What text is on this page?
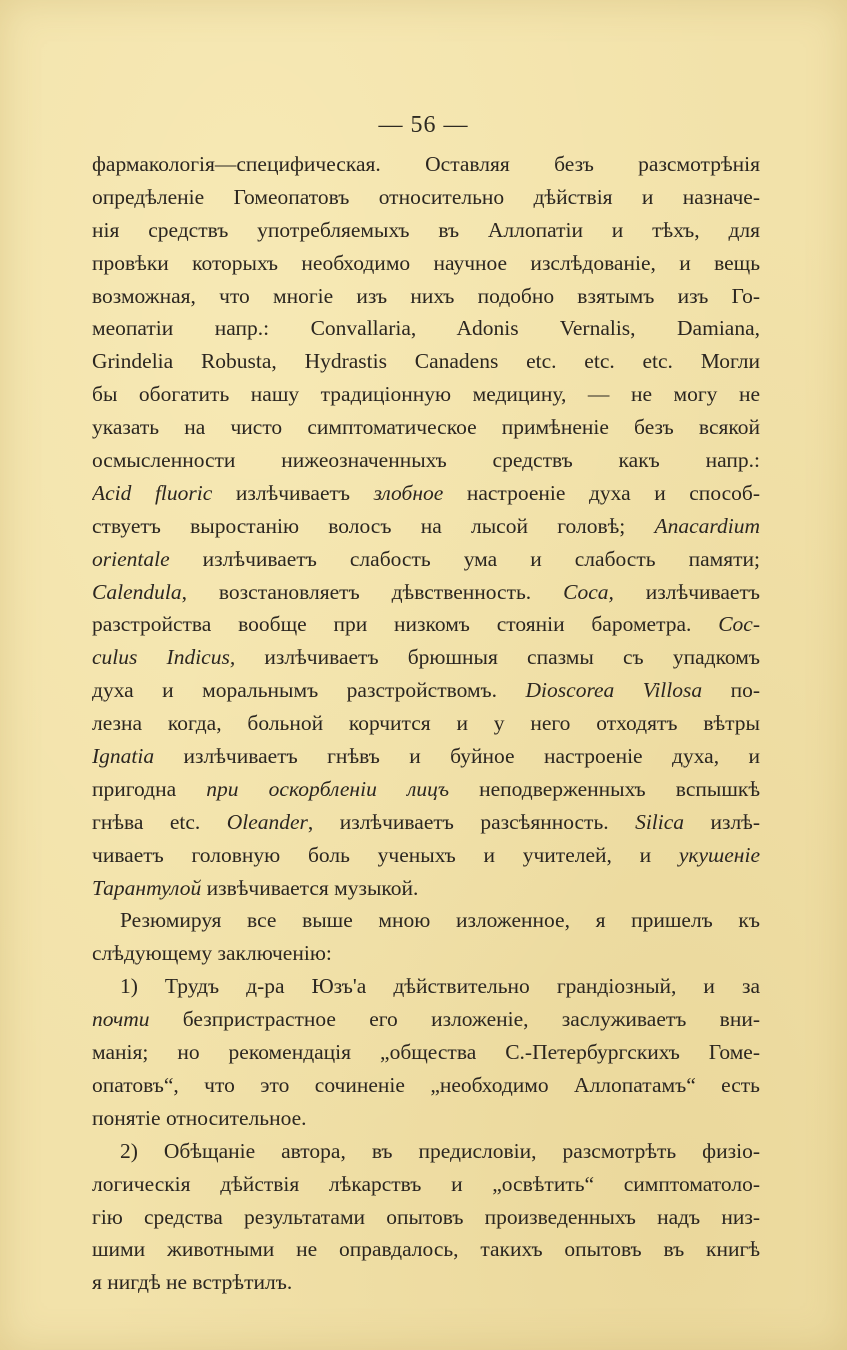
— 56 —
фармакологія—специфическая. Оставляя безъ разсмотрѣнія
опредѣленіе Гомеопатовъ относительно дѣйствія и назначе-
нія средствъ употребляемыхъ въ Аллопатіи и тѣхъ, для
провѣки которыхъ необходимо научное изслѣдованіе, и вещь
возможная, что многіе изъ нихъ подобно взятымъ изъ Го-
меопатіи напр.: Convallaria, Adonis Vernalis, Damiana,
Grindelia Robusta, Hydrastis Canadens etc. etc. etc. Могли
бы обогатить нашу традиціонную медицину, — не могу не
указать на чисто симптоматическое примѣненіе безъ всякой
осмысленности нижеозначенныхъ средствъ какъ напр.:
Acid fluoric излѣчиваетъ злобное настроеніе духа и способ-
ствуетъ выростанію волосъ на лысой головѣ; Anacardium
orientale излѣчиваетъ слабость ума и слабость памяти;
Calendula, возстановляетъ дѣвственность. Coca, излѣчиваетъ
разстройства вообще при низкомъ стояніи барометра. Coc-
culus Indicus, излѣчиваетъ брюшныя спазмы съ упадкомъ
духа и моральнымъ разстройствомъ. Dioscorea Villosa по-
лезна когда, больной корчится и у него отходятъ вѣтры
Ignatia излѣчиваетъ гнѣвъ и буйное настроеніе духа, и
пригодна при оскорбленіи лицъ неподверженныхъ вспышкѣ
гнѣва etc. Oleander, излѣчиваетъ разсѣянность. Silica излѣ-
чиваетъ головную боль ученыхъ и учителей, и укушеніе
Тарантулой извѣчивается музыкой.
Резюмируя все выше мною изложенное, я пришелъ къ
слѣдующему заключенію:
1) Трудъ д-ра Юзъ'а дѣйствительно грандіозный, и за
почти безпристрастное его изложеніе, заслуживаетъ вни-
манія; но рекомендація „общества С.-Петербургскихъ Гоме-
опатовъ“, что это сочиненіе „необходимо Аллопатамъ“ есть
понятіе относительное.
2) Обѣщаніе автора, въ предисловіи, разсмотрѣть физіо-
логическія дѣйствія лѣкарствъ и „освѣтить“ симптоматоло-
гію средства результатами опытовъ произведенныхъ надъ низ-
шими животными не оправдалось, такихъ опытовъ въ книгѣ
я нигдѣ не встрѣтилъ.
